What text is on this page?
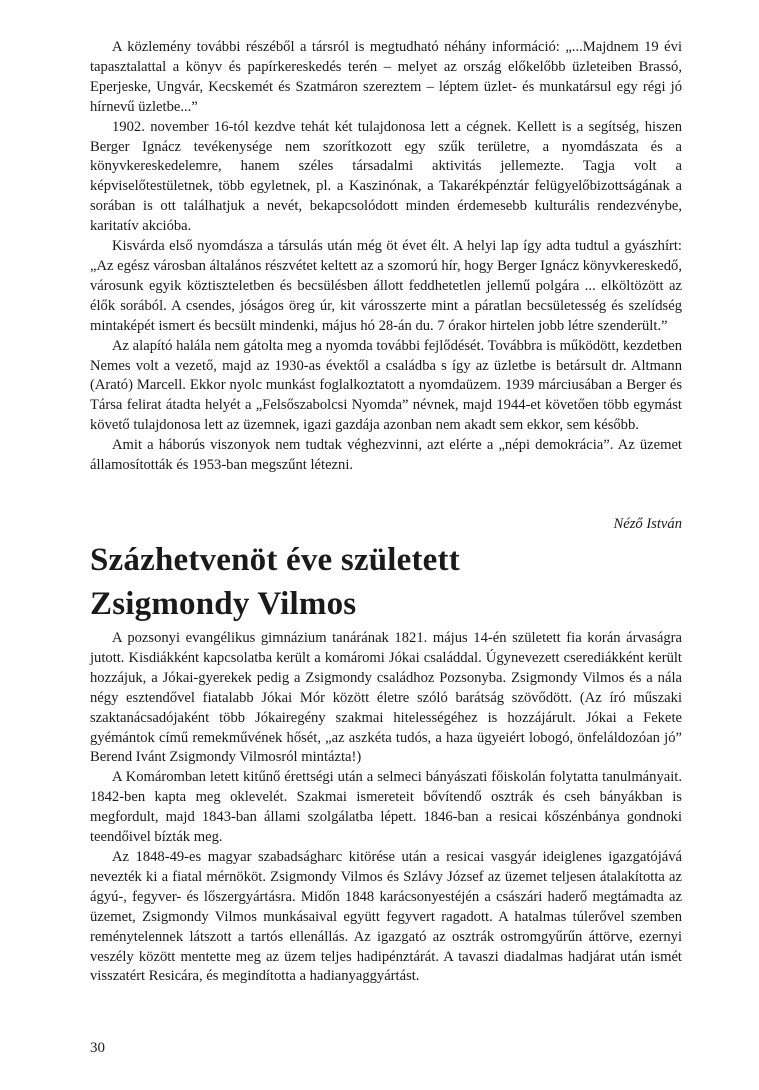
A közlemény további részéből a társról is megtudható néhány információ: „...Majdnem 19 évi tapasztalattal a könyv és papírkereskedés terén – melyet az ország előkelőbb üzleteiben Brassó, Eperjeske, Ungvár, Kecskemét és Szatmáron szereztem – léptem üzlet- és munkatársul egy régi jó hírnevű üzletbe...”

1902. november 16-tól kezdve tehát két tulajdonosa lett a cégnek. Kellett is a segítség, hiszen Berger Ignácz tevékenysége nem szorítkozott egy szűk területre, a nyomdászata és a könyvkereskedelemre, hanem széles társadalmi aktivitás jellemezte. Tagja volt a képviselőtestületnek, több egyletnek, pl. a Kaszinónak, a Takarékpénztár felügyelőbizottságának a sorában is ott találhatjuk a nevét, bekapcsolódott minden érdemesebb kulturális rendezvénybe, karitatív akcióba.

Kisvárda első nyomdásza a társulás után még öt évet élt. A helyi lap így adta tudtul a gyászhírt: „Az egész városban általános részvétet keltett az a szomorú hír, hogy Berger Ignácz könyvkereskedő, városunk egyik köztiszteletben és becsülésben állott feddhetetlen jellemű polgára ... elköltözött az élők sorából. A csendes, jóságos öreg úr, kit városszerte mint a páratlan becsületesség és szelídség mintaképét ismert és becsült mindenki, május hó 28-án du. 7 órakor hirtelen jobb létre szenderült.”

Az alapító halála nem gátolta meg a nyomda további fejlődését. Továbbra is működött, kezdetben Nemes volt a vezető, majd az 1930-as évektől a családba s így az üzletbe is betársult dr. Altmann (Arató) Marcell. Ekkor nyolc munkást foglalkoztatott a nyomdaüzem. 1939 márciusában a Berger és Társa felirat átadta helyét a „Felsőszabolcsi Nyomda” névnek, majd 1944-et követően több egymást követő tulajdonosa lett az üzemnek, igazi gazdája azonban nem akadt sem ekkor, sem később.

Amit a háborús viszonyok nem tudtak véghezvinni, azt elérte a „népi demokrácia”. Az üzemet államosították és 1953-ban megszűnt létezni.

Néző István
Százhetvenöt éve született
Zsigmondy Vilmos

A pozsonyi evangélikus gimnázium tanárának 1821. május 14-én született fia korán árvaságra jutott. Kisdiákként kapcsolatba került a komáromi Jókai családdal. Úgynevezett cserediákként került hozzájuk, a Jókai-gyerekek pedig a Zsigmondy családhoz Pozsonyba. Zsigmondy Vilmos és a nála négy esztendővel fiatalabb Jókai Mór között életre szóló barátság szövődött. (Az író műszaki szaktanácsadójaként több Jókairegény szakmai hitelességéhez is hozzájárult. Jókai a Fekete gyémántok című remekművének hősét, „az aszkéta tudós, a haza ügyeiért lobogó, önfeláldozóan jó” Berend Ivánt Zsigmondy Vilmosról mintázta!)

A Komáromban letett kitűnő érettségi után a selmeci bányászati főiskolán folytatta tanulmányait. 1842-ben kapta meg oklevelét. Szakmai ismereteit bővítendő osztrák és cseh bányákban is megfordult, majd 1843-ban állami szolgálatba lépett. 1846-ban a resicai kőszénbánya gondnoki teendőivel bízták meg.

Az 1848-49-es magyar szabadságharc kitörése után a resicai vasgyár ideiglenes igazgatójává nevezték ki a fiatal mérnököt. Zsigmondy Vilmos és Szlávy József az üzemet teljesen átalakította az ágyú-, fegyver- és lőszergyártásra. Midőn 1848 karácsonyestéjén a császári haderő megtámadta az üzemet, Zsigmondy Vilmos munkásaival együtt fegyvert ragadott. A hatalmas túlerővel szemben reménytelennek látszott a tartós ellenállás. Az igazgató az osztrák ostromgyűrűn áttörve, ezernyi veszély között mentette meg az üzem teljes hadipénztárát. A tavaszi diadalmas hadjárat után ismét visszatért Resicára, és megindította a hadianyaggyártást.

30
